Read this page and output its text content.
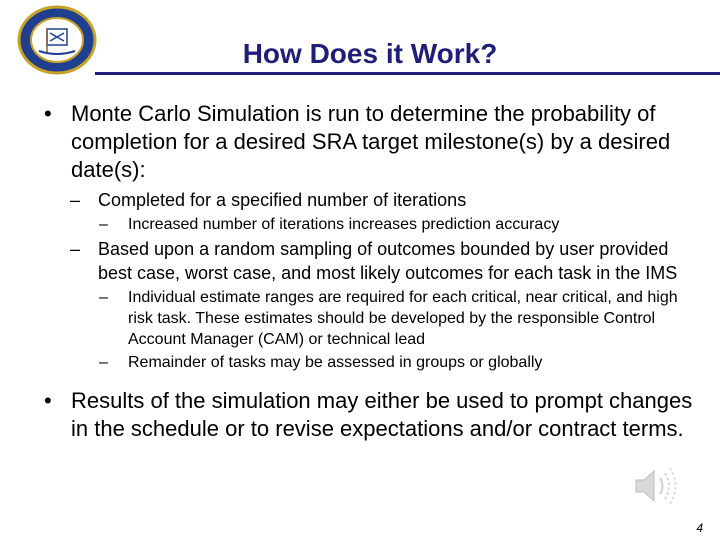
How Does it Work?
• Monte Carlo Simulation is run to determine the probability of completion for a desired SRA target milestone(s) by a desired date(s):
– Completed for a specified number of iterations
– Increased number of iterations increases prediction accuracy
– Based upon a random sampling of outcomes bounded by user provided best case, worst case, and most likely outcomes for each task in the IMS
– Individual estimate ranges are required for each critical, near critical, and high risk task. These estimates should be developed by the responsible Control Account Manager (CAM) or technical lead
– Remainder of tasks may be assessed in groups or globally
• Results of the simulation may either be used to prompt changes in the schedule or to revise expectations and/or contract terms.
4
